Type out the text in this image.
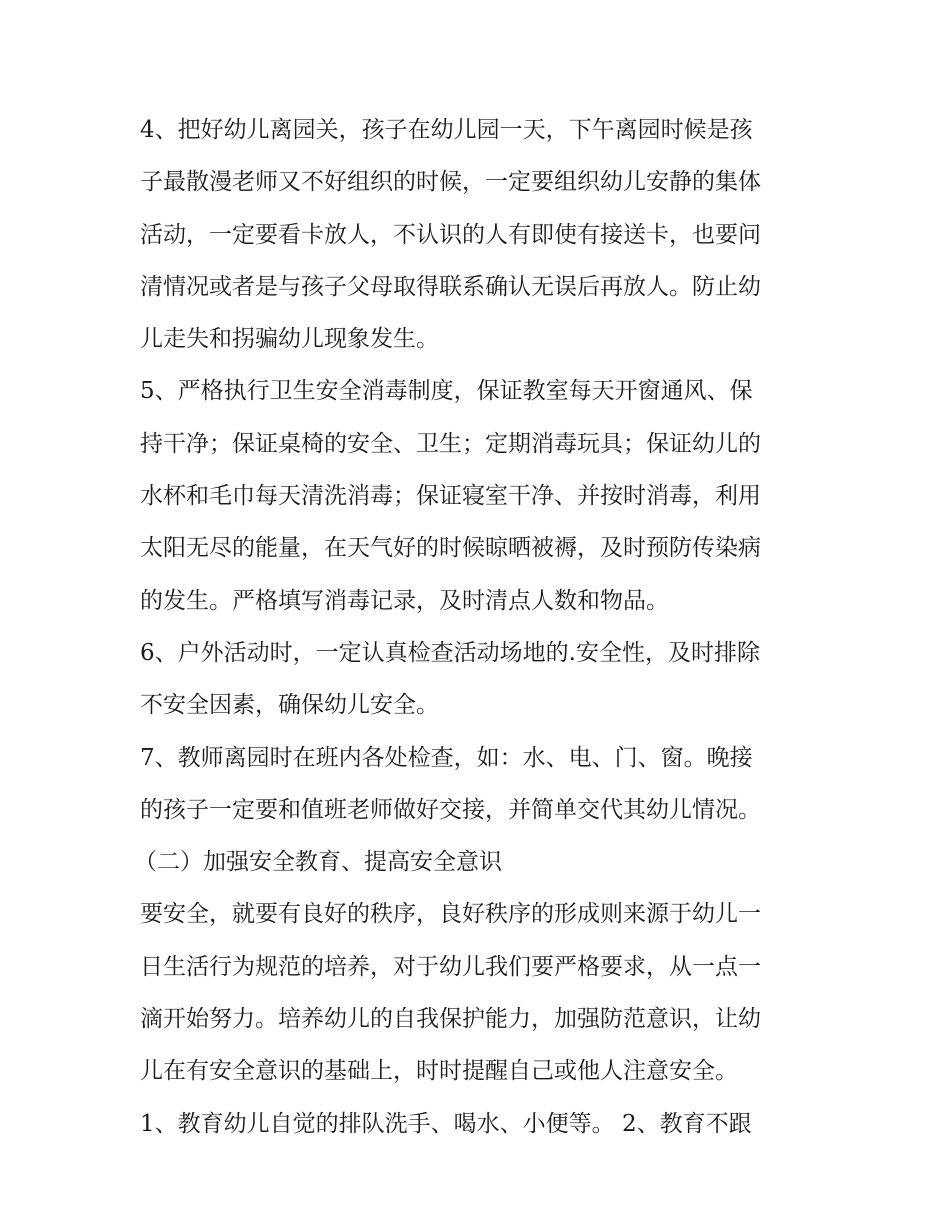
4、把好幼儿离园关，孩子在幼儿园一天，下午离园时候是孩
子最散漫老师又不好组织的时候，一定要组织幼儿安静的集体
活动，一定要看卡放人，不认识的人有即使有接送卡，也要问
清情况或者是与孩子父母取得联系确认无误后再放人。防止幼
儿走失和拐骗幼儿现象发生。
5、严格执行卫生安全消毒制度，保证教室每天开窗通风、保
持干净；保证桌椅的安全、卫生；定期消毒玩具；保证幼儿的
水杯和毛巾每天清洗消毒；保证寝室干净、并按时消毒，利用
太阳无尽的能量，在天气好的时候晾晒被褥，及时预防传染病
的发生。严格填写消毒记录，及时清点人数和物品。
6、户外活动时，一定认真检查活动场地的.安全性，及时排除
不安全因素，确保幼儿安全。
7、教师离园时在班内各处检查，如：水、电、门、窗。晚接
的孩子一定要和值班老师做好交接，并简单交代其幼儿情况。
（二）加强安全教育、提高安全意识
要安全，就要有良好的秩序，良好秩序的形成则来源于幼儿一
日生活行为规范的培养，对于幼儿我们要严格要求，从一点一
滴开始努力。培养幼儿的自我保护能力，加强防范意识，让幼
儿在有安全意识的基础上，时时提醒自己或他人注意安全。
1、教育幼儿自觉的排队洗手、喝水、小便等。 2、教育不跟
